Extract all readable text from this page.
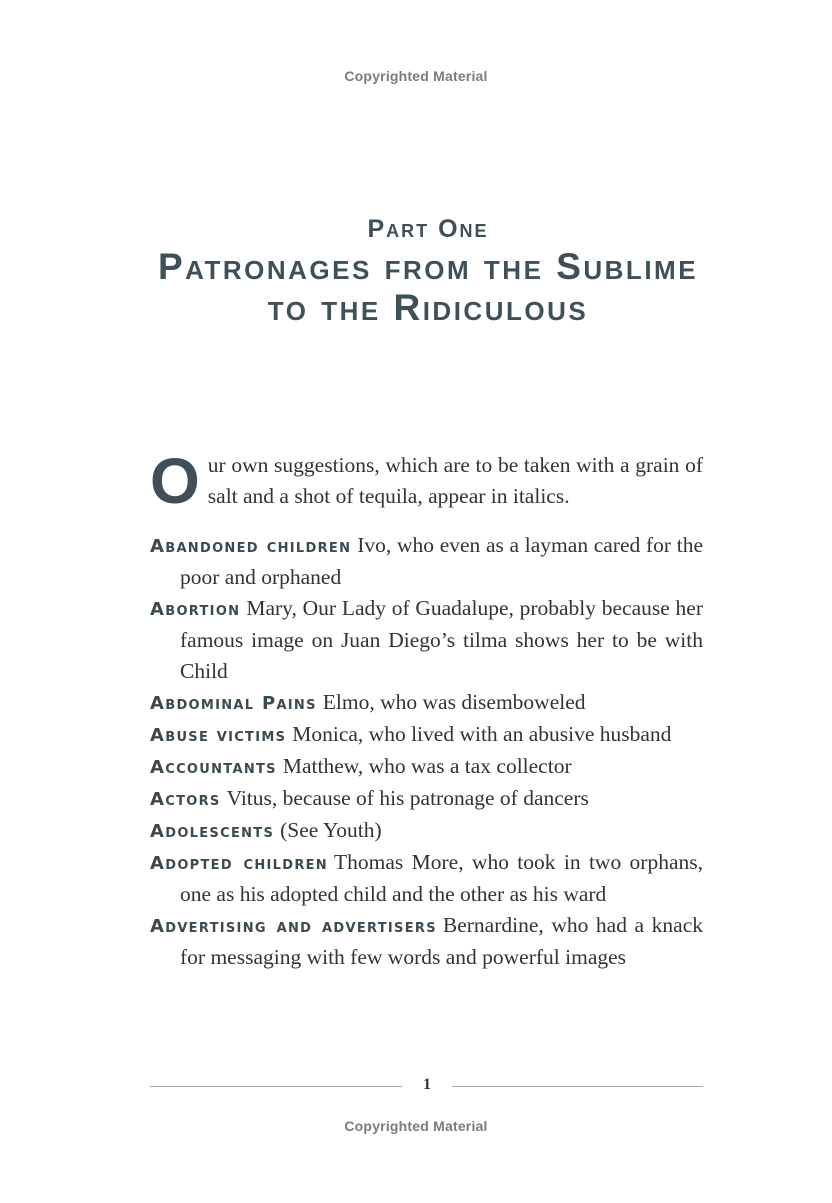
Copyrighted Material

Part One

Patronages from the Sublime to the Ridiculous

Our own suggestions, which are to be taken with a grain of salt and a shot of tequila, appear in italics.

Abandoned children Ivo, who even as a layman cared for the poor and orphaned

Abortion Mary, Our Lady of Guadalupe, probably because her famous image on Juan Diego’s tilma shows her to be with Child

Abdominal Pains Elmo, who was disemboweled

Abuse victims Monica, who lived with an abusive husband

Accountants Matthew, who was a tax collector

Actors Vitus, because of his patronage of dancers

Adolescents (See Youth)

Adopted children Thomas More, who took in two orphans, one as his adopted child and the other as his ward

Advertising and advertisers Bernardine, who had a knack for messaging with few words and powerful images

1
Copyrighted Material
